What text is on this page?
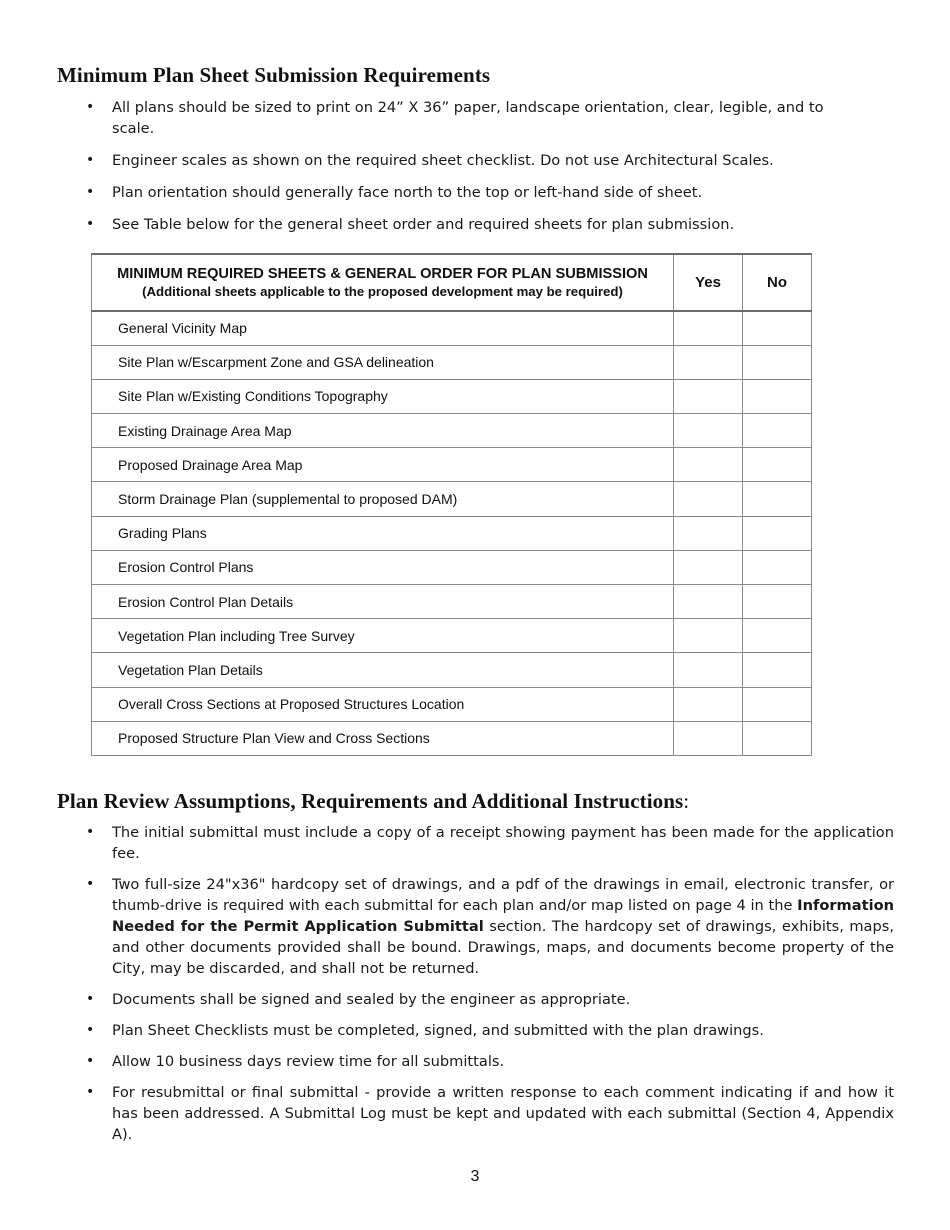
Minimum Plan Sheet Submission Requirements
• All plans should be sized to print on 24” X 36” paper, landscape orientation, clear, legible, and to scale.
• Engineer scales as shown on the required sheet checklist. Do not use Architectural Scales.
• Plan orientation should generally face north to the top or left-hand side of sheet.
• See Table below for the general sheet order and required sheets for plan submission.
MINIMUM REQUIRED SHEETS & GENERAL ORDER FOR PLAN SUBMISSION
(Additional sheets applicable to the proposed development may be required)	Yes	No
General Vicinity Map		
Site Plan w/Escarpment Zone and GSA delineation		
Site Plan w/Existing Conditions Topography		
Existing Drainage Area Map		
Proposed Drainage Area Map		
Storm Drainage Plan (supplemental to proposed DAM)		
Grading Plans		
Erosion Control Plans		
Erosion Control Plan Details		
Vegetation Plan including Tree Survey		
Vegetation Plan Details		
Overall Cross Sections at Proposed Structures Location		
Proposed Structure Plan View and Cross Sections		
Plan Review Assumptions, Requirements and Additional Instructions:
• The initial submittal must include a copy of a receipt showing payment has been made for the application fee.
• Two full-size 24"x36" hardcopy set of drawings, and a pdf of the drawings in email, electronic transfer, or thumb-drive is required with each submittal for each plan and/or map listed on page 4 in the Information Needed for the Permit Application Submittal section. The hardcopy set of drawings, exhibits, maps, and other documents provided shall be bound. Drawings, maps, and documents become property of the City, may be discarded, and shall not be returned.
• Documents shall be signed and sealed by the engineer as appropriate.
• Plan Sheet Checklists must be completed, signed, and submitted with the plan drawings.
• Allow 10 business days review time for all submittals.
• For resubmittal or final submittal - provide a written response to each comment indicating if and how it has been addressed. A Submittal Log must be kept and updated with each submittal (Section 4, Appendix A).
3
